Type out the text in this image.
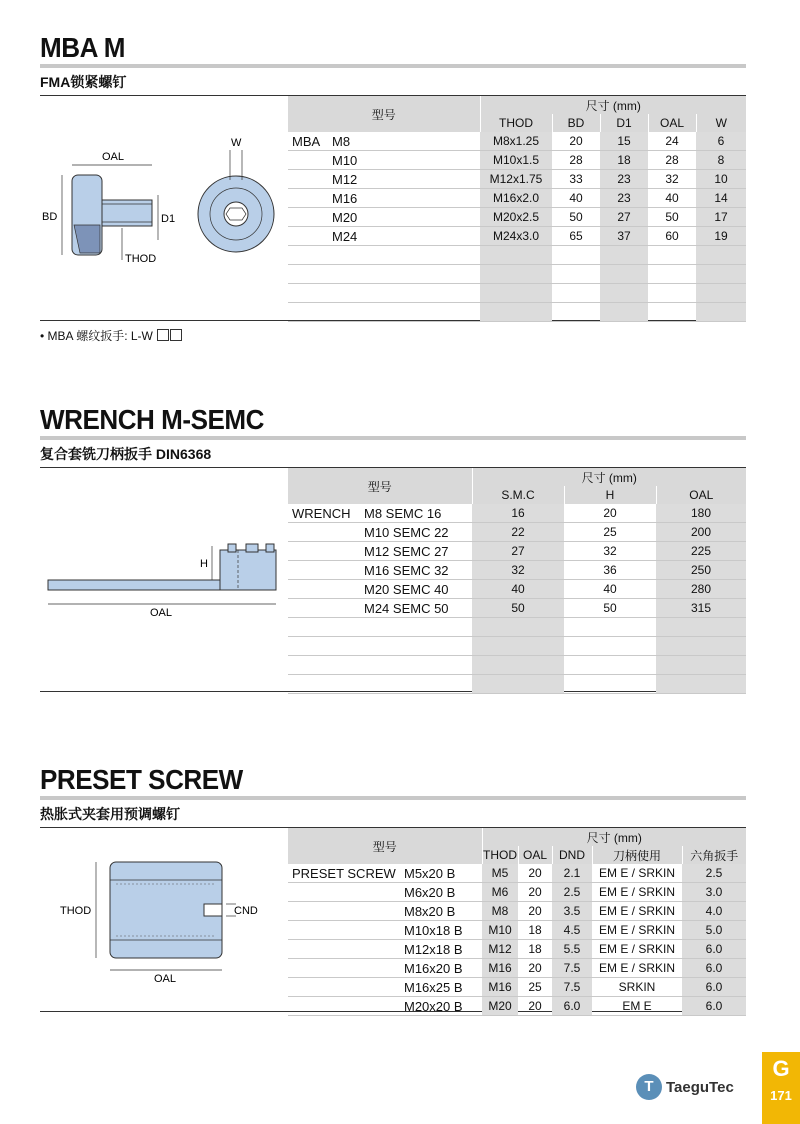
MBA M
FMA锁紧螺钉
OAL
BD	D1
THOD
W
型号		尺寸 (mm)				
		THOD	BD	D1	OAL	W
MBA	M8	M8x1.25	20	15	24	6
	M10	M10x1.5	28	18	28	8
	M12	M12x1.75	33	23	32	10
	M16	M16x2.0	40	23	40	14
	M20	M20x2.5	50	27	50	17
	M24	M24x3.0	65	37	60	19

• MBA 螺纹扳手: L-W
WRENCH M-SEMC
复合套铣刀柄扳手 DIN6368
H
OAL
型号		尺寸 (mm)		
		S.M.C	H	OAL
WRENCH	M8 SEMC 16	16	20	180
	M10 SEMC 22	22	25	200
	M12 SEMC 27	27	32	225
	M16 SEMC 32	32	36	250
	M20 SEMC 40	40	40	280
	M24 SEMC 50	50	50	315

PRESET SCREW
热胀式夹套用预调螺钉
THOD	CND
OAL
型号		尺寸 (mm)				
		THOD	OAL	DND	刀柄使用	六角扳手
PRESET SCREW	M5x20 B	M5	20	2.1	EM E / SRKIN	2.5
	M6x20 B	M6	20	2.5	EM E / SRKIN	3.0
	M8x20 B	M8	20	3.5	EM E / SRKIN	4.0
	M10x18 B	M10	18	4.5	EM E / SRKIN	5.0
	M12x18 B	M12	18	5.5	EM E / SRKIN	6.0
	M16x20 B	M16	20	7.5	EM E / SRKIN	6.0
	M16x25 B	M16	25	7.5	SRKIN	6.0
	M20x20 B	M20	20	6.0	EM E	6.0
T TaeguTec
G
171
